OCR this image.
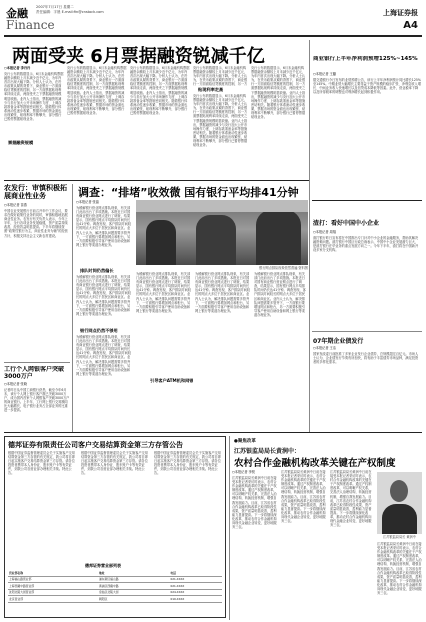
金融
Finance
2007年7月17日 星期二
责任编辑：宇晨 E-mail:fin@cnstock.com	上海证券报
A4
两面受夹 6月票据融资锐减千亿
○本报记者 李丹丹
央行公布的数据显示，6月末金融机构票据融资余额较上月末减少近千亿元，为年内首次出现大幅下降。分析人士认为，在货币政策从紧的背景下，商业银行一方面面临信贷额度的控制，另一方面票据贴现利率持续走高，两面受夹之下票据融资规模明显收缩。业内人士指出，票据融资的减少与央行加大公开市场操作力度、上调存款准备金率等措施密切相关。随着银行体系流动性逐步收紧，票据市场的资金面也出现紧张，贴现利率不断攀升，部分银行已暂停票据贴现业务。
央行公布的数据显示，6月末金融机构票据融资余额较上月末减少近千亿元，为年内首次出现大幅下降。分析人士认为，在货币政策从紧的背景下，商业银行一方面面临信贷额度的控制，另一方面票据贴现利率持续走高，两面受夹之下票据融资规模明显收缩。业内人士指出，票据融资的减少与央行加大公开市场操作力度、上调存款准备金率等措施密切相关。随着银行体系流动性逐步收紧，票据市场的资金面也出现紧张，贴现利率不断攀升，部分银行已暂停票据贴现业务。
央行公布的数据显示，6月末金融机构票据融资余额较上月末减少近千亿元，为年内首次出现大幅下降。分析人士认为，在货币政策从紧的背景下，商业银行一方面面临信贷额度的控制，另一方面票据贴现利率持续走高，两面受夹之下票据融资规模明显收缩。业内人士指出，票据融资的减少与央行加大公开市场操作力度、上调存款准备金率等措施密切相关。随着银行体系流动性逐步收紧，票据市场的资金面也出现紧张，贴现利率不断攀升，部分银行已暂停票据贴现业务。
央行公布的数据显示，6月末金融机构票据融资余额较上月末减少近千亿元，为年内首次出现大幅下降。分析人士认为，在货币政策从紧的背景下，商业银行一方面面临信贷额度的控制，另一方
贴现利率走高
央行公布的数据显示，6月末金融机构票据融资余额较上月末减少近千亿元，为年内首次出现大幅下降。分析人士认为，在货币政策从紧的背景下，商业银行一方面面临信贷额度的控制，另一方面票据贴现利率持续走高，两面受夹之下票据融资规模明显收缩。业内人士指出，票据融资的减少与央行加大公开市场操作力度、上调存款准备金率等措施密切相关。随着银行体系流动性逐步收紧，票据市场的资金面也出现紧张，贴现利率不断攀升，部分银行已暂停票据贴现业务。
央行公布的数据显示，6月末金融机构票据融资余额较上月末减少近千亿元，为年内首次出现大幅下降。分析人士认为，在货币政策从紧的背景下，商业银行一方面面临信贷额度的控制，另一方面票据贴现利率持续走高，两面受夹之下票据融资规模明显收缩。业内人士指出，票据融资的减少与央行加大公开市场操作力度、上调存款准备金率等措施密切相关。随着银行体系流动性逐步收紧，票据市场的资金面也出现紧张，贴现利率不断攀升，部分银行已暂停票据贴现业务。
票据融资规模
商业银行上半年净利润预增125%~145%
○本报记者 王璐
据交通银行今日发布的业绩预增公告，该行上半年净利润预计同比增长125%至145%。中期业绩大幅增长主要得益于资产规模的稳步扩张、净利息收入增长、中间业务收入快速增长以及信贷成本降低等因素。此外，营业税率下降以及所得税率的调整也对利润增长起到积极作用。
农发行：审慎积极拓展商业性业务
○本报记者 苗燕
中国农业发展银行日前召开年中工作会议，要求在做好政策性业务的同时，审慎积极地拓展商业性业务。农发行有关负责人表示，今年上半年，全行各项业务发展稳健，资产质量持续改善，经营效益明显提高。下半年将继续按照“政策性银行为主，商业性业务为辅”的经营方针，积极支持社会主义新农村建设。
工行个人网银客户突破3000万户
○本报记者 张晓
记者昨日从中国工商银行获悉，截至今年6月末，该行个人网上银行客户数已突破3000万户，成为国内首家个人网银客户突破3000万户的商业银行。上半年，工行网上银行交易额同比大幅增长，电子银行业务占全部业务的比重进一步提高。
调查：“排堵”收效微 国有银行平均排41分钟
○本报记者 张晶
为缓解银行营业网点排队现象，有关部门此前出台了多项措施。本报近日对国有商业银行营业网点进行了调查，结果显示，国有银行网点平均排队时间仍长达41分钟。调查发现，客户排队时间较长的网点大多位于居民区和商业区。业内人士认为，解决排队问题需要多管齐下，一方面银行要增加网点和柜台，另一方面要积极引导客户使用自助设备和网上银行等渠道办理业务。
排队时间仍然偏长
为缓解银行营业网点排队现象，有关部门此前出台了多项措施。本报近日对国有商业银行营业网点进行了调查，结果显示，国有银行网点平均排队时间仍长达41分钟。调查发现，客户排队时间较长的网点大多位于居民区和商业区。业内人士认为，解决排队问题需要多管齐下，一方面银行要增加网点和柜台，另一方面要积极引导客户使用自助设备和网上银行等渠道办理业务。
银行网点仍然不够用
为缓解银行营业网点排队现象，有关部门此前出台了多项措施。本报近日对国有商业银行营业网点进行了调查，结果显示，国有银行网点平均排队时间仍长达41分钟。调查发现，客户排队时间较长的网点大多位于居民区和商业区。业内人士认为，解决排队问题需要多管齐下，一方面银行要增加网点和柜台，另一方面要积极引导客户使用自助设备和网上银行等渠道办理业务。
银行网点排队现象依然普遍 资料图
为缓解银行营业网点排队现象，有关部门此前出台了多项措施。本报近日对国有商业银行营业网点进行了调查，结果显示，国有银行网点平均排队时间仍长达41分钟。调查发现，客户排队时间较长的网点大多位于居民区和商业区。业内人士认为，解决排队问题需要多管齐下，一方面银行要增加网点和柜台，另一方面要积极引导客户使用自助设备和网上银行等渠道办理业务。
为缓解银行营业网点排队现象，有关部门此前出台了多项措施。本报近日对国有商业银行营业网点进行了调查，结果显示，国有银行网点平均排队时间仍长达41分钟。调查发现，客户排队时间较长的网点大多位于居民区和商业区。业内人士认为，解决排队问题需要多管齐下，一方面银行要增加网点和柜台，另一方面要积极引导客户使用自助设备和网上银行等渠道办理业务。
为缓解银行营业网点排队现象，有关部门此前出台了多项措施。本报近日对国有商业银行营业网点进行了调查，结果显示，国有银行网点平均排队时间仍长达41分钟。调查发现，客户排队时间较长的网点大多位于居民区和商业区。业内人士认为，解决排队问题需要多管齐下，一方面银行要增加网点和柜台，另一方面要积极引导客户使用自助设备和网上银行等渠道办理业务。
引导客户ATM机和网银
渣打：看好中国中小企业
○本报记者 周翔
渣打银行昨日宣布将在中国推出专门针对中小企业的金融服务，帮助其解决融资难问题。渣打银行中国区行政总裁表示，中国中小企业发展潜力巨大，是渣打银行在华业务的重点发展方向之一。今年下半年，渣打将在中国新开设多家分支机构。
07年期企业债发行
○本报记者 王洁
国家发改委日前批准了多家企业发行企业债券，总规模超过百亿元。市场人士认为，企业债发行节奏有所加快，将有助于丰富债券市场品种，满足投资者的多样化需求。
德邦证券有限责任公司客户交易结算资金第三方存管公告
根据中国证券监督管理委员会关于实施客户交易结算资金第三方存管的有关规定，我公司将自即日起实施客户交易结算资金第三方存管。请各位投资者携带本人身份证、股东账户卡等有效证件，到我公司各营业部办理相关手续。特此公告。
根据中国证券监督管理委员会关于实施客户交易结算资金第三方存管的有关规定，我公司将自即日起实施客户交易结算资金第三方存管。请各位投资者携带本人身份证、股东账户卡等有效证件，到我公司各营业部办理相关手续。特此公告。
根据中国证券监督管理委员会关于实施客户交易结算资金第三方存管的有关规定，我公司将自即日起实施客户交易结算资金第三方存管。请各位投资者携带本人身份证、股东账户卡等有效证件，到我公司各营业部办理相关手续。特此公告。
德邦证券营业部列表
营业部名称	地址	电话
上海福山路营业部	浦东新区福山路	021-XXXX
上海西藏中路营业部	黄浦区西藏中路	021-XXXX
沈阳北陵大街营业部	皇姑区北陵大街	024-XXXX
北京营业部	朝阳区	010-XXXX
●聚焦改革
江苏银监局局长黄润中：
农村合作金融机构改革关键在产权制度
○本报记者 李锐
江苏银监局局长黄润中日前在接受本报记者采访时表示，农村合作金融机构改革的关键在于产权制度改革。通过产权制度改革，可以明晰产权关系，完善法人治理结构，转换经营机制，增强自我发展能力。目前，江苏省农村合作金融机构改革已取得阶段性成果，资产质量明显改善，盈利能力显著提高。下一步将继续深化改革，推动农村合作金融机构向现代金融企业转变，更好地服务三农。
江苏银监局局长黄润中日前在接受本报记者采访时表示，农村合作金融机构改革的关键在于产权制度改革。通过产权制度改革，可以明晰产权关系，完善法人治理结构，转换经营机制，增强自我发展能力。目前，江苏省农村合作金融机构改革已取得阶段性成果，资产质量明显改善，盈利能力显著提高。下一步将继续深化改革，推动农村合作金融机构向现代金融企业转变，更好地服务三农。
江苏银监局局长黄润中日前在接受本报记者采访时表示，农村合作金融机构改革的关键在于产权制度改革。通过产权制度改革，可以明晰产权关系，完善法人治理结构，转换经营机制，增强自我发展能力。目前，江苏省农村合作金融机构改革已取得阶段性成果，资产质量明显改善，盈利能力显著提高。下一步将继续深化改革，推动农村合作金融机构向现代金融企业转变，更好地服务三农。
江苏银监局局长 黄润中
江苏银监局局长黄润中日前在接受本报记者采访时表示，农村合作金融机构改革的关键在于产权制度改革。通过产权制度改革，可以明晰产权关系，完善法人治理结构，转换经营机制，增强自我发展能力。目前，江苏省农村合作金融机构改革已取得阶段性成果，资产质量明显改善，盈利能力显著提高。下一步将继续深化改革，推动农村合作金融机构向现代金融企业转变，更好地服务三农。
